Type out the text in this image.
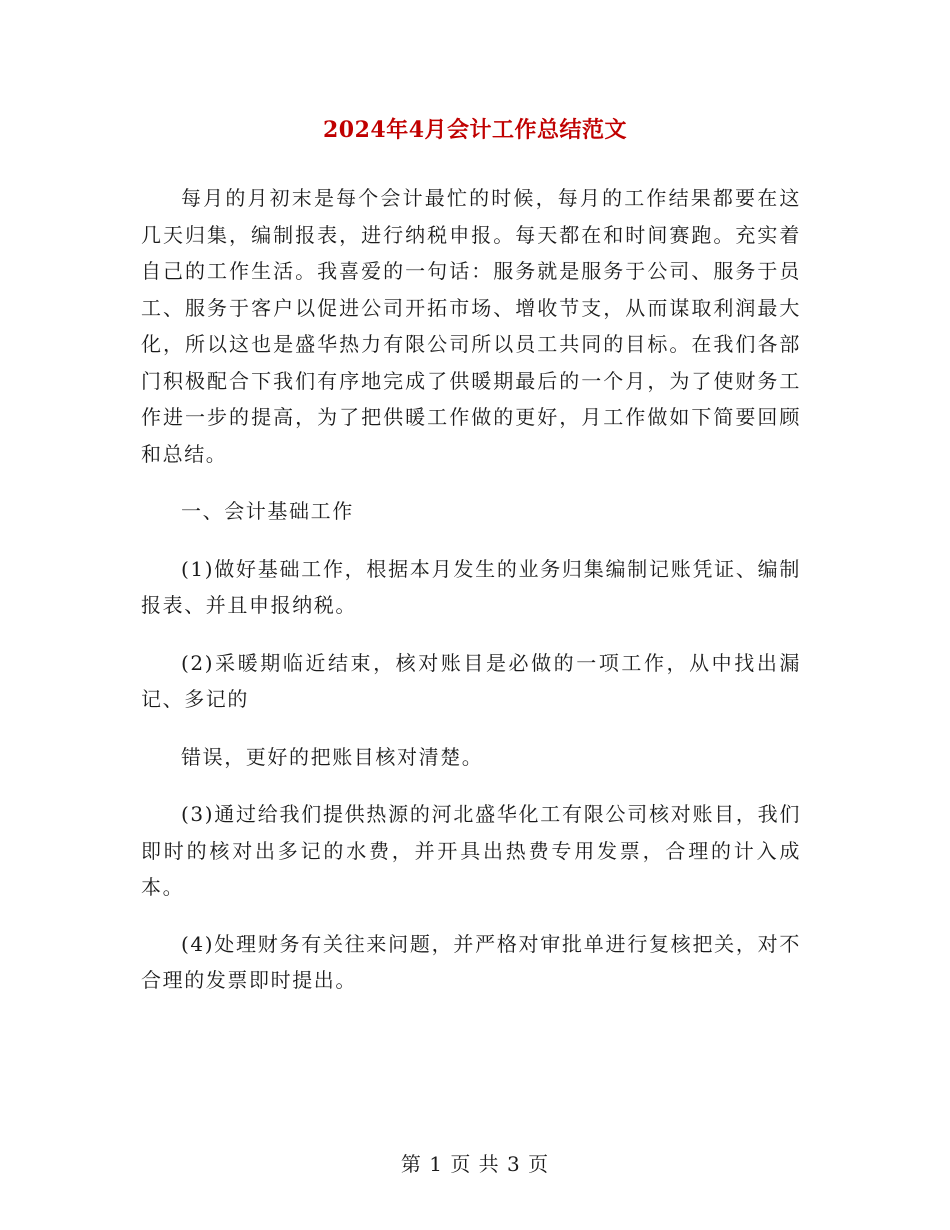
2024年4月会计工作总结范文

每月的月初末是每个会计最忙的时候，每月的工作结果都要在这几天归集，编制报表，进行纳税申报。每天都在和时间赛跑。充实着自己的工作生活。我喜爱的一句话：服务就是服务于公司、服务于员工、服务于客户以促进公司开拓市场、增收节支，从而谋取利润最大化，所以这也是盛华热力有限公司所以员工共同的目标。在我们各部门积极配合下我们有序地完成了供暖期最后的一个月，为了使财务工作进一步的提高，为了把供暖工作做的更好，月工作做如下简要回顾和总结。

一、会计基础工作

(1)做好基础工作，根据本月发生的业务归集编制记账凭证、编制报表、并且申报纳税。

(2)采暖期临近结束，核对账目是必做的一项工作，从中找出漏记、多记的

错误，更好的把账目核对清楚。

(3)通过给我们提供热源的河北盛华化工有限公司核对账目，我们即时的核对出多记的水费，并开具出热费专用发票，合理的计入成本。

(4)处理财务有关往来问题，并严格对审批单进行复核把关，对不合理的发票即时提出。

第 1 页 共 3 页
